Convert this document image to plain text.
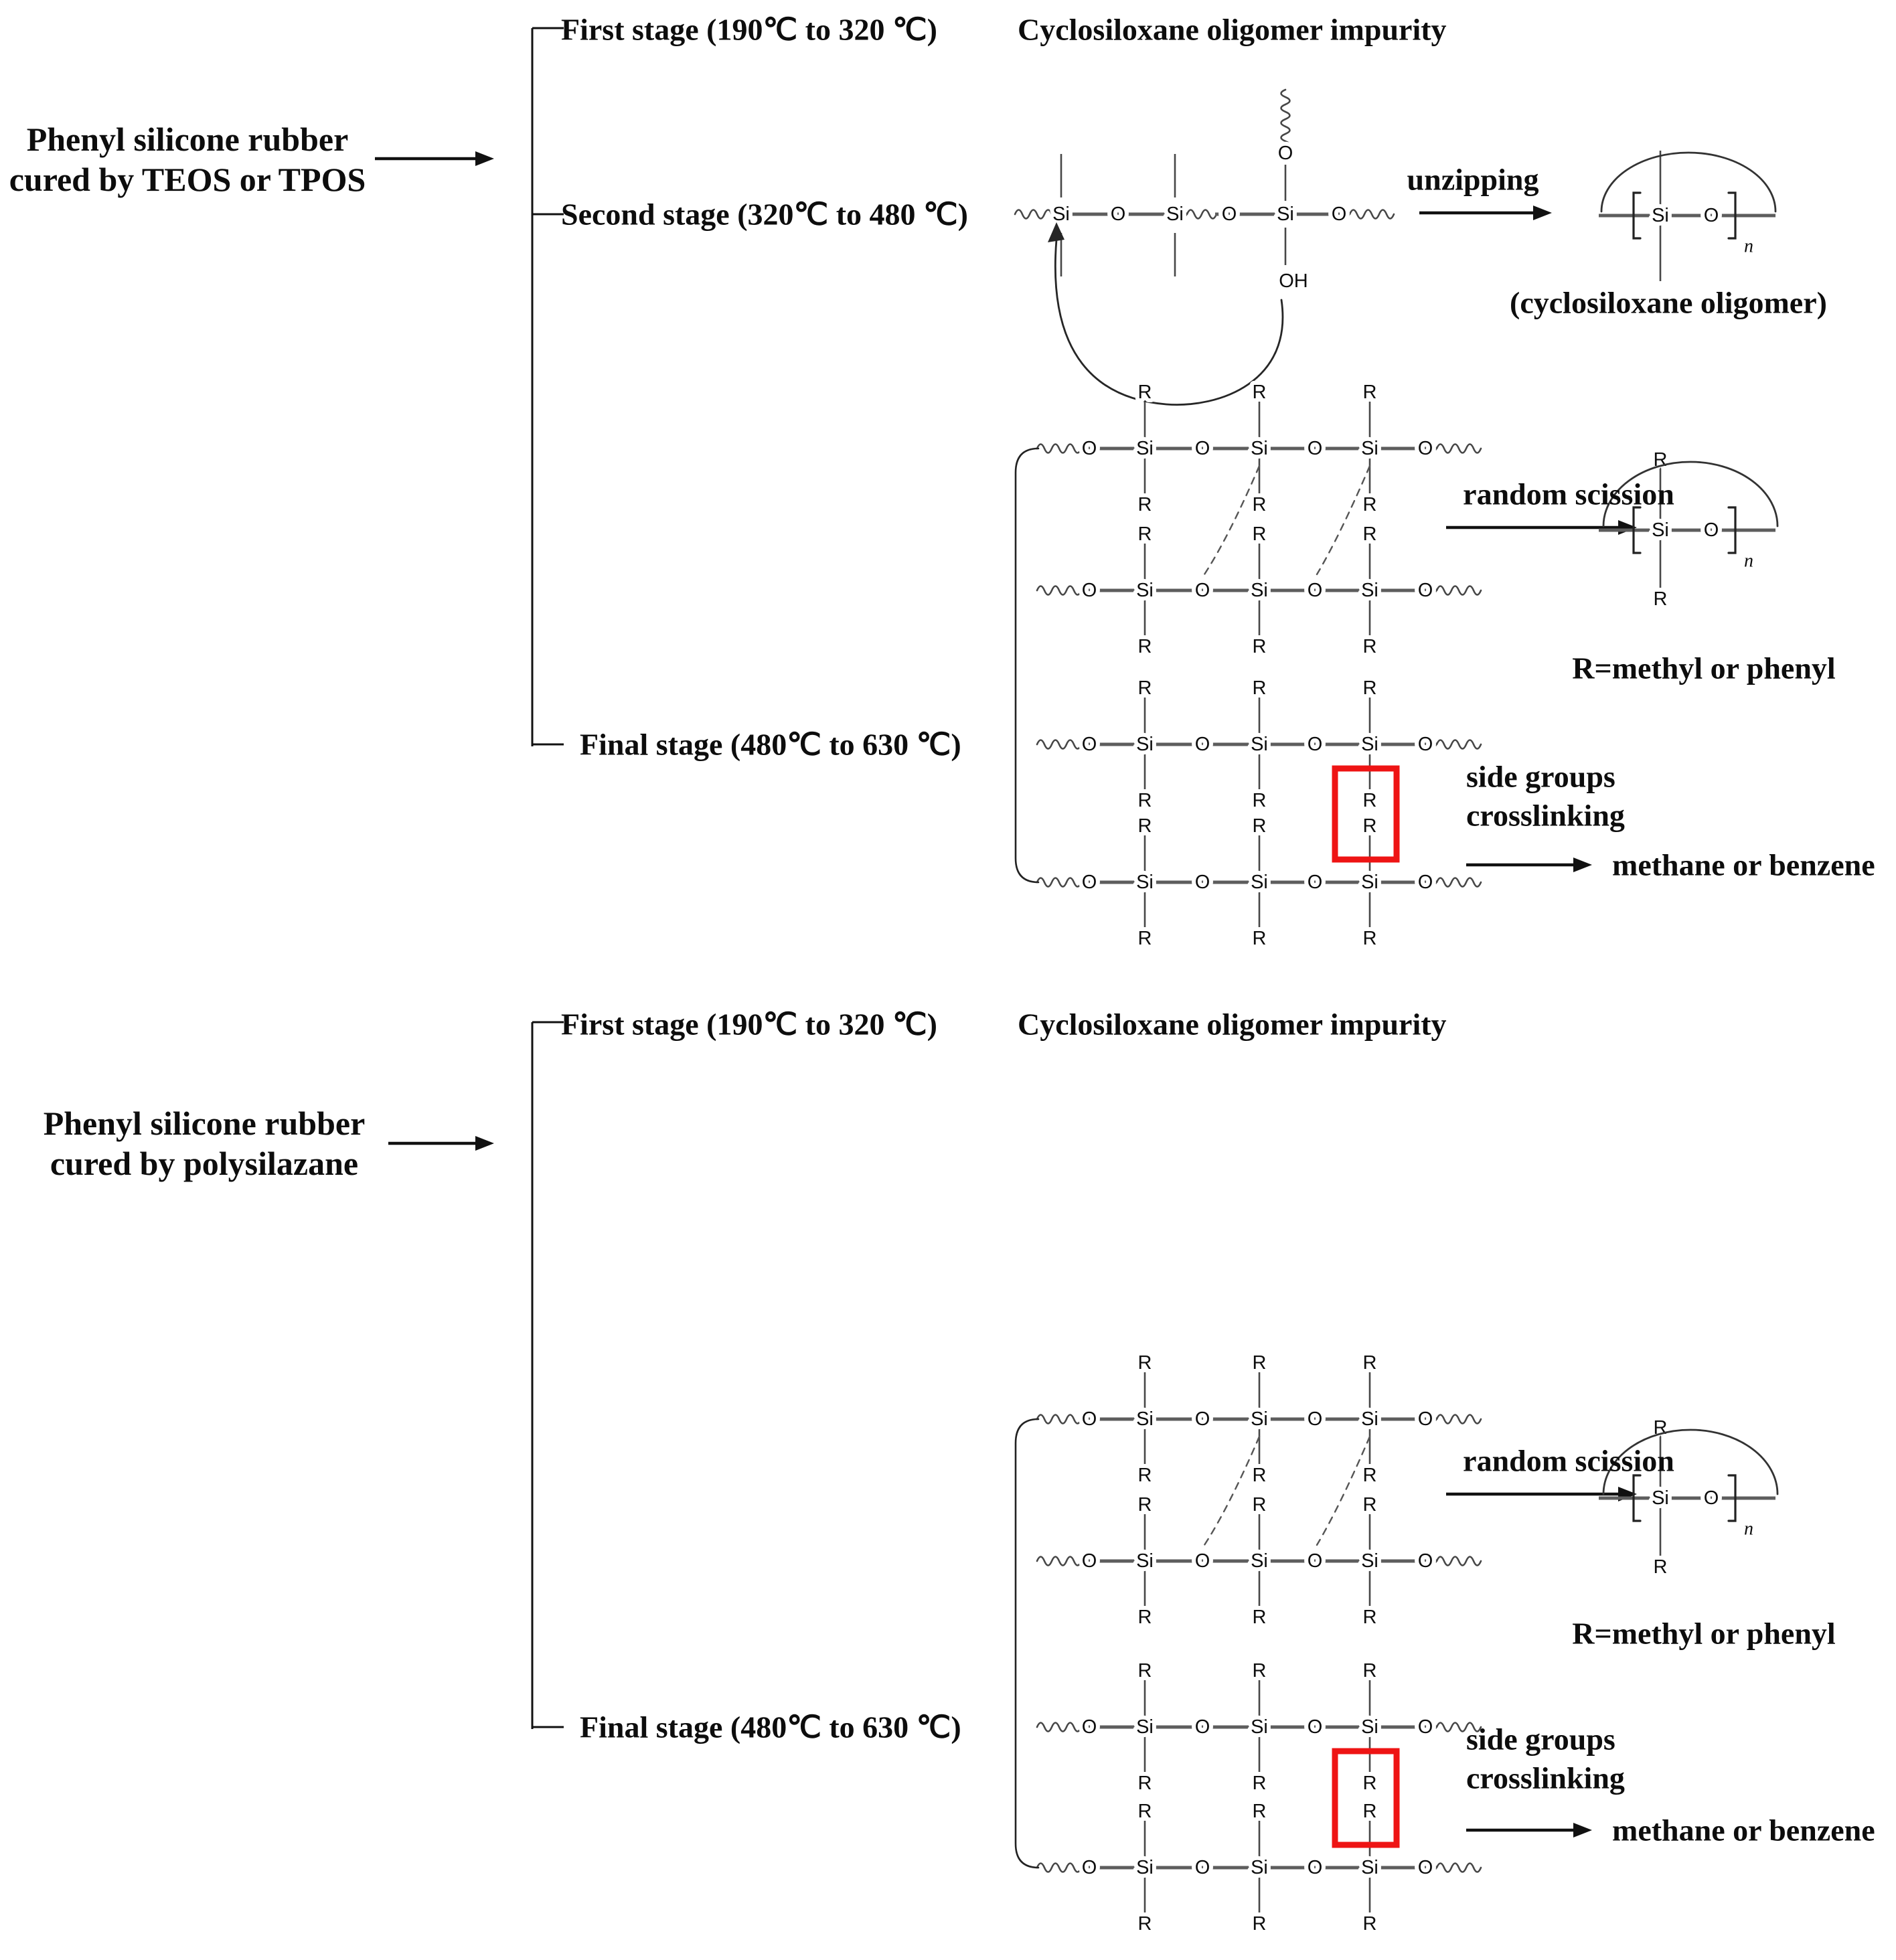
Si O Si O Si O
O
OH
Si O
n
O	O	O	O
Si
R
R
Si
R
R
Si
R
R
O	O	O	O
Si
R
R
Si
R
R
Si
R
R
O	O	O	O
Si
R
R
Si
R
R
Si
R
R
O	O	O	O
Si
R
R
Si
R
R
Si
R
R
R
R
Si O
n
O	O	O	O
Si
R
R
Si
R
R
Si
R
R
O	O	O	O
Si
R
R
Si
R
R
Si
R
R
O	O	O	O
Si
R
R
Si
R
R
Si
R
R
O	O	O	O
Si
R
R
Si
R
R
Si
R
R
R
R
Si O
n
Phenyl silicone rubber
cured by TEOS or TPOS
First stage (190℃ to 320 ℃)	Cyclosiloxane oligomer impurity
Second stage (320℃ to 480 ℃)
unzipping
(cyclosiloxane oligomer)
Final stage (480℃ to 630 ℃)
random scission
R=methyl or phenyl
side groups
crosslinking
methane or benzene
Phenyl silicone rubber
cured by polysilazane
First stage (190℃ to 320 ℃)	Cyclosiloxane oligomer impurity
Final stage (480℃ to 630 ℃)
random scission
R=methyl or phenyl
side groups
crosslinking
methane or benzene
